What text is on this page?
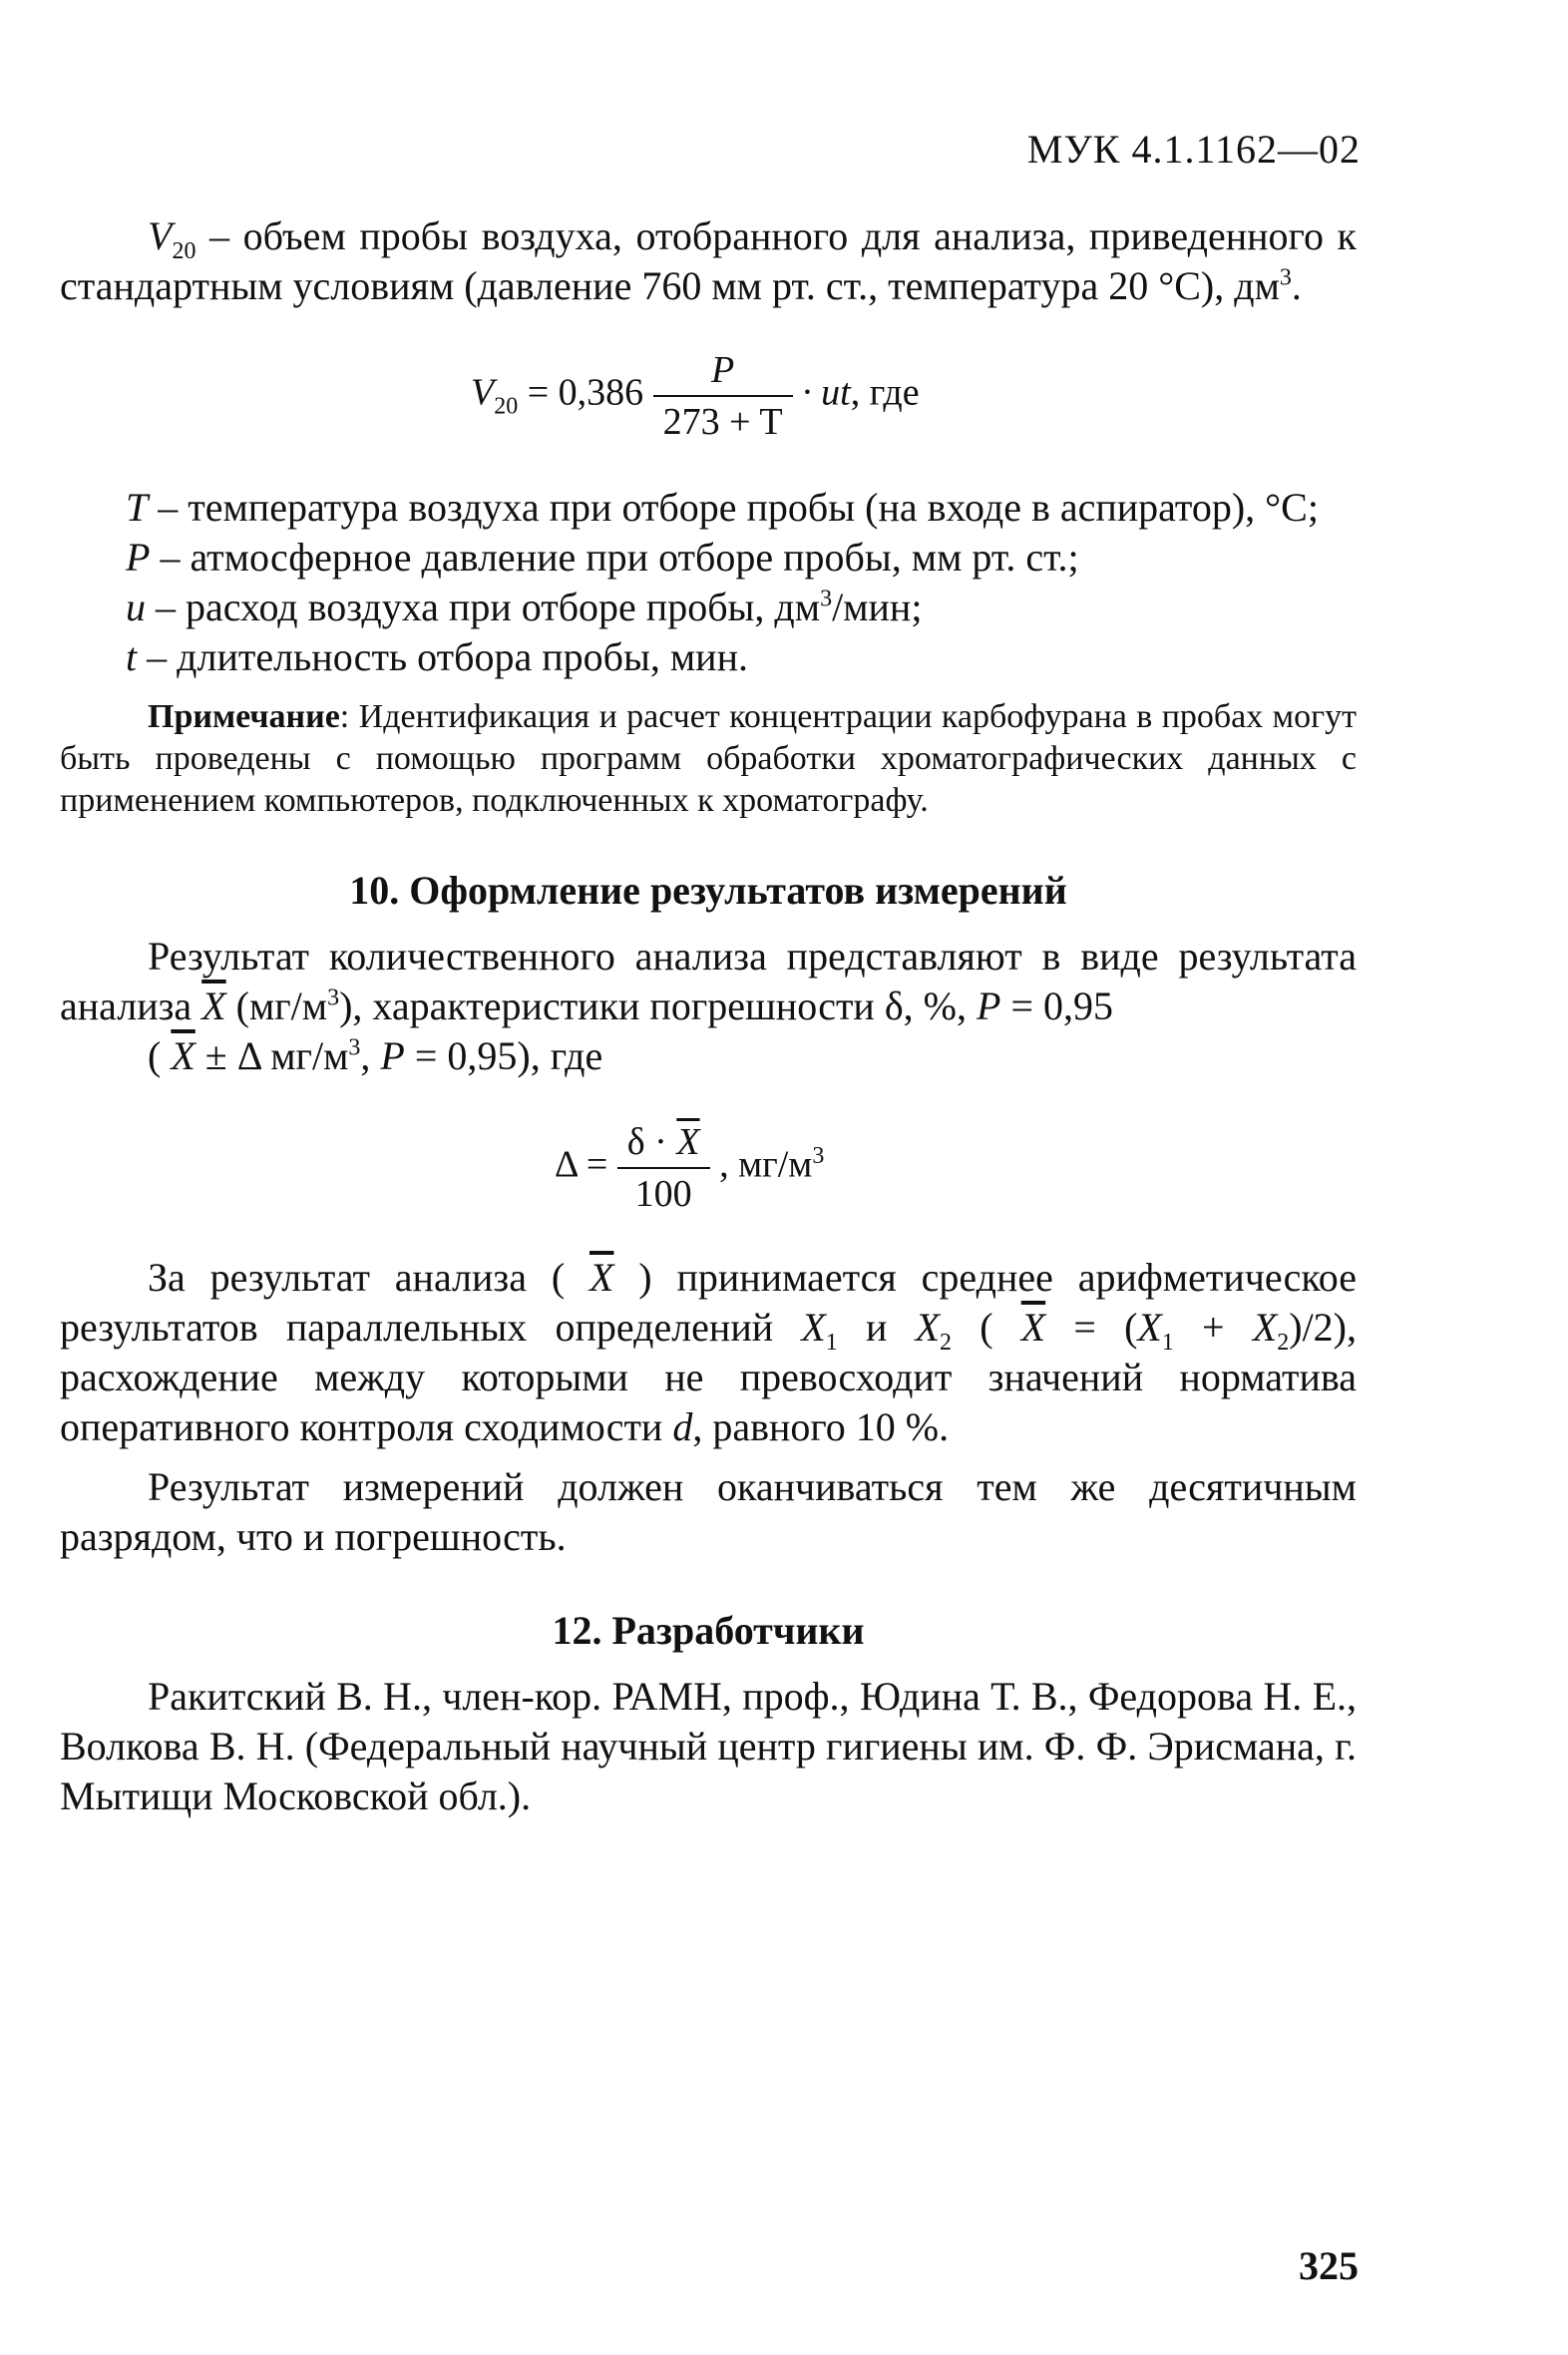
МУК 4.1.1162—02

$V_{20}$ – объем пробы воздуха, отобранного для анализа, приведенного к стандартным условиям (давление 760 мм рт. ст., температура 20 °С), $дм^3$.

$V_{20} = 0,386 \frac{P}{273 + T}$ · ut, где

T – температура воздуха при отборе пробы (на входе в аспиратор), °С;

P – атмосферное давление при отборе пробы, мм рт. ст.;

u – расход воздуха при отборе пробы, $дм^3$/мин;

t – длительность отбора пробы, мин.

Примечание: Идентификация и расчет концентрации карбофурана в пробах могут быть проведены с помощью программ обработки хроматографических данных с применением компьютеров, подключенных к хроматографу.

10. Оформление результатов измерений

Результат количественного анализа представляют в виде результата анализа $\overline{X}$ $(мг/м^3)$, характеристики погрешности δ, %, P = 0,95

( $\overline{X} \pm \Delta$ $мг/м^3$, P = 0,95), где

$\Delta = \frac{\delta \cdot \overline{X}}{100}$ , $мг/м^3$

За результат анализа ( $\overline{X}$ ) принимается среднее арифметическое результатов параллельных определений $X_1$ и $X_2$ ( $\overline{X} = (X_1 + X_2)/2$), расхождение между которыми не превосходит значений норматива оперативного контроля сходимости d, равного 10 %.

Результат измерений должен оканчиваться тем же десятичным разрядом, что и погрешность.

12. Разработчики

Ракитский В. Н., член-кор. РАМН, проф., Юдина Т. В., Федорова Н. Е., Волкова В. Н. (Федеральный научный центр гигиены им. Ф. Ф. Эрисмана, г. Мытищи Московской обл.).

325
